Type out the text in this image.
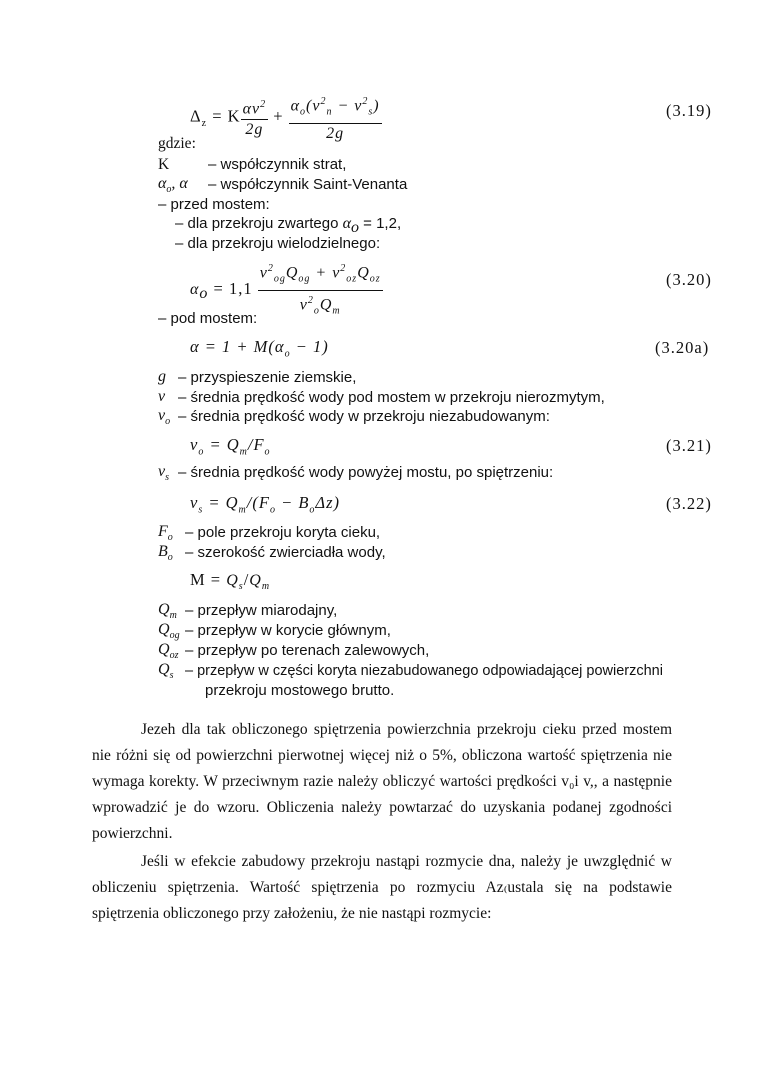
$\Delta_z = K \frac{\alpha v^2}{2g} + \frac{\alpha_o(v^2_n - v^2_s)}{2g}$	(3.19)
gdzie:
K	– współczynnik strat,
$\alpha_o$, α – współczynnik Saint-Venanta
– przed mostem:
– dla przekroju zwartego $\alpha_o = 1,2$,
– dla przekroju wielodzielnego:
$\alpha_o = 1,1 \frac{v^2_{og}Q_{og} + v^2_{oz}Q_{oz}}{v^2_oQ_m}$	(3.20)
– pod mostem:
$\alpha = 1 + M(\alpha_o - 1)$	(3.20a)
g – przyspieszenie ziemskie,
v – średnia prędkość wody pod mostem w przekroju nierozmytym,
$v_o$ – średnia prędkość wody w przekroju niezabudowanym:
$v_o = Q_m/F_o$	(3.21)
$v_s$ – średnia prędkość wody powyżej mostu, po spiętrzeniu:
$v_s = Q_m/(F_o - B_o\Delta z)$	(3.22)
$F_o$ – pole przekroju koryta cieku,
$B_o$ – szerokość zwierciadła wody,
$M = Q_s/Q_m$
$Q_m$ – przepływ miarodajny,
$Q_{og}$ – przepływ w korycie głównym,
$Q_{oz}$ – przepływ po terenach zalewowych,
$Q_s$ – przepływ w części koryta niezabudowanego odpowiadającej powierzchni
przekroju mostowego brutto.
Jezeh dla tak obliczonego spiętrzenia powierzchnia przekroju cieku przed mostem nie różni się od powierzchni pierwotnej więcej niż o 5%, obliczona wartość spiętrzenia nie wymaga korekty. W przeciwnym razie należy obliczyć wartości prędkości v₀i v,, a następnie wprowadzić je do wzoru. Obliczenia należy powtarzać do uzyskania podanej zgodności powierzchni.
Jeśli w efekcie zabudowy przekroju nastąpi rozmycie dna, należy je uwzględnić w obliczeniu spiętrzenia. Wartość spiętrzenia po rozmyciu Az₍ustala się na podstawie spiętrzenia obliczonego przy założeniu, że nie nastąpi rozmycie:
